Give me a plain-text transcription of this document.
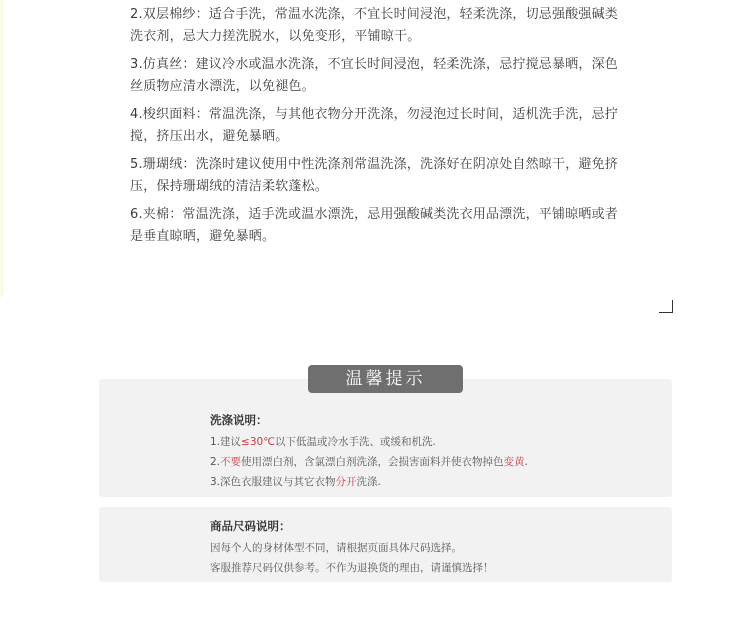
2.双层棉纱：适合手洗，常温水洗涤，不宜长时间浸泡，轻柔洗涤，切忌强酸强碱类洗衣剂，忌大力搓洗脱水，以免变形，平铺晾干。

3.仿真丝：建议冷水或温水洗涤，不宜长时间浸泡，轻柔洗涤，忌拧搅忌暴晒，深色丝质物应清水漂洗，以免褪色。

4.梭织面料：常温洗涤，与其他衣物分开洗涤，勿浸泡过长时间，适机洗手洗，忌拧搅，挤压出水，避免暴晒。

5.珊瑚绒：洗涤时建议使用中性洗涤剂常温洗涤，洗涤好在阴凉处自然晾干，避免挤压，保持珊瑚绒的清洁柔软蓬松。

6.夹棉：常温洗涤，适手洗或温水漂洗，忌用强酸碱类洗衣用品漂洗，平铺晾晒或者是垂直晾晒，避免暴晒。

洗涤说明：
1.建议≤30℃以下低温或冷水手洗、或缓和机洗.
2.不要使用漂白剂，含氯漂白剂洗涤，会损害面料并使衣物掉色变黄.
3.深色衣服建议与其它衣物分开洗涤.
温馨提示
商品尺码说明：
因每个人的身材体型不同，请根据页面具体尺码选择。
客服推荐尺码仅供参考。不作为退换货的理由，请谨慎选择！
